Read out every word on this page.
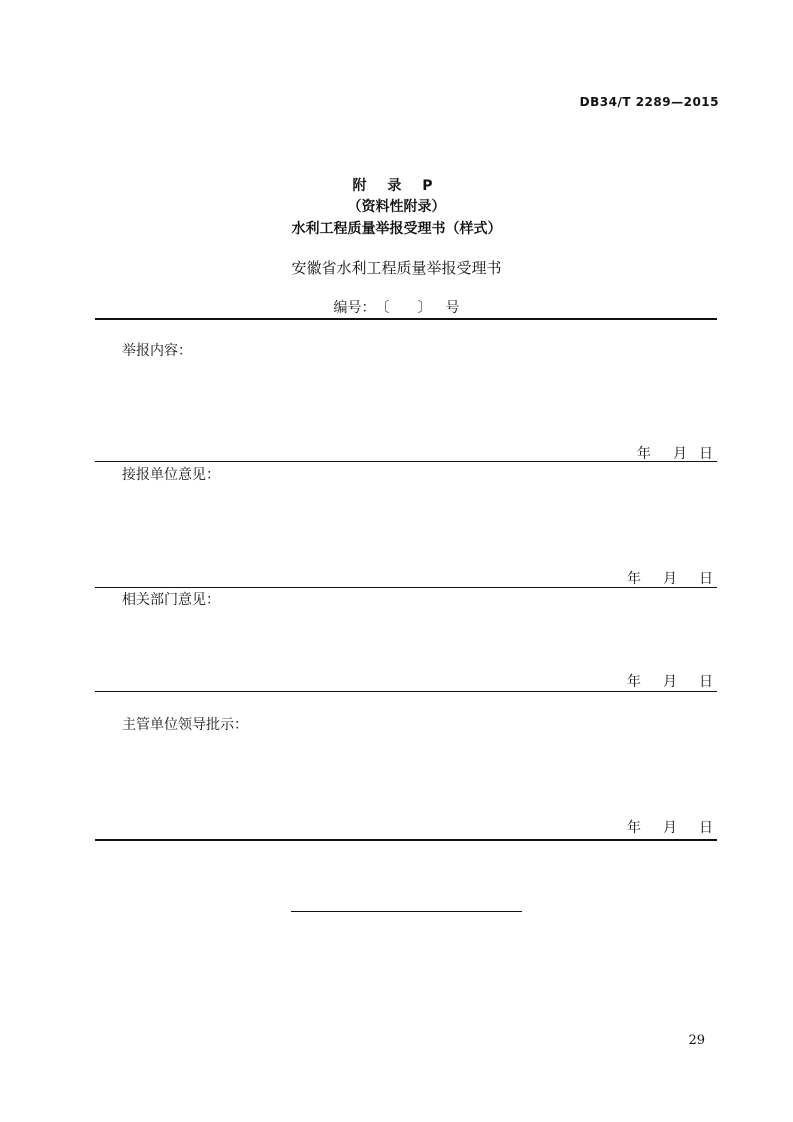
DB34/T 2289—2015
附 录 P
（资料性附录）
水利工程质量举报受理书（样式）
安徽省水利工程质量举报受理书
编号：〔 〕 号
举报内容：
年 月 日
接报单位意见：
年 月 日
相关部门意见：
年 月 日
主管单位领导批示：
年 月 日
29
